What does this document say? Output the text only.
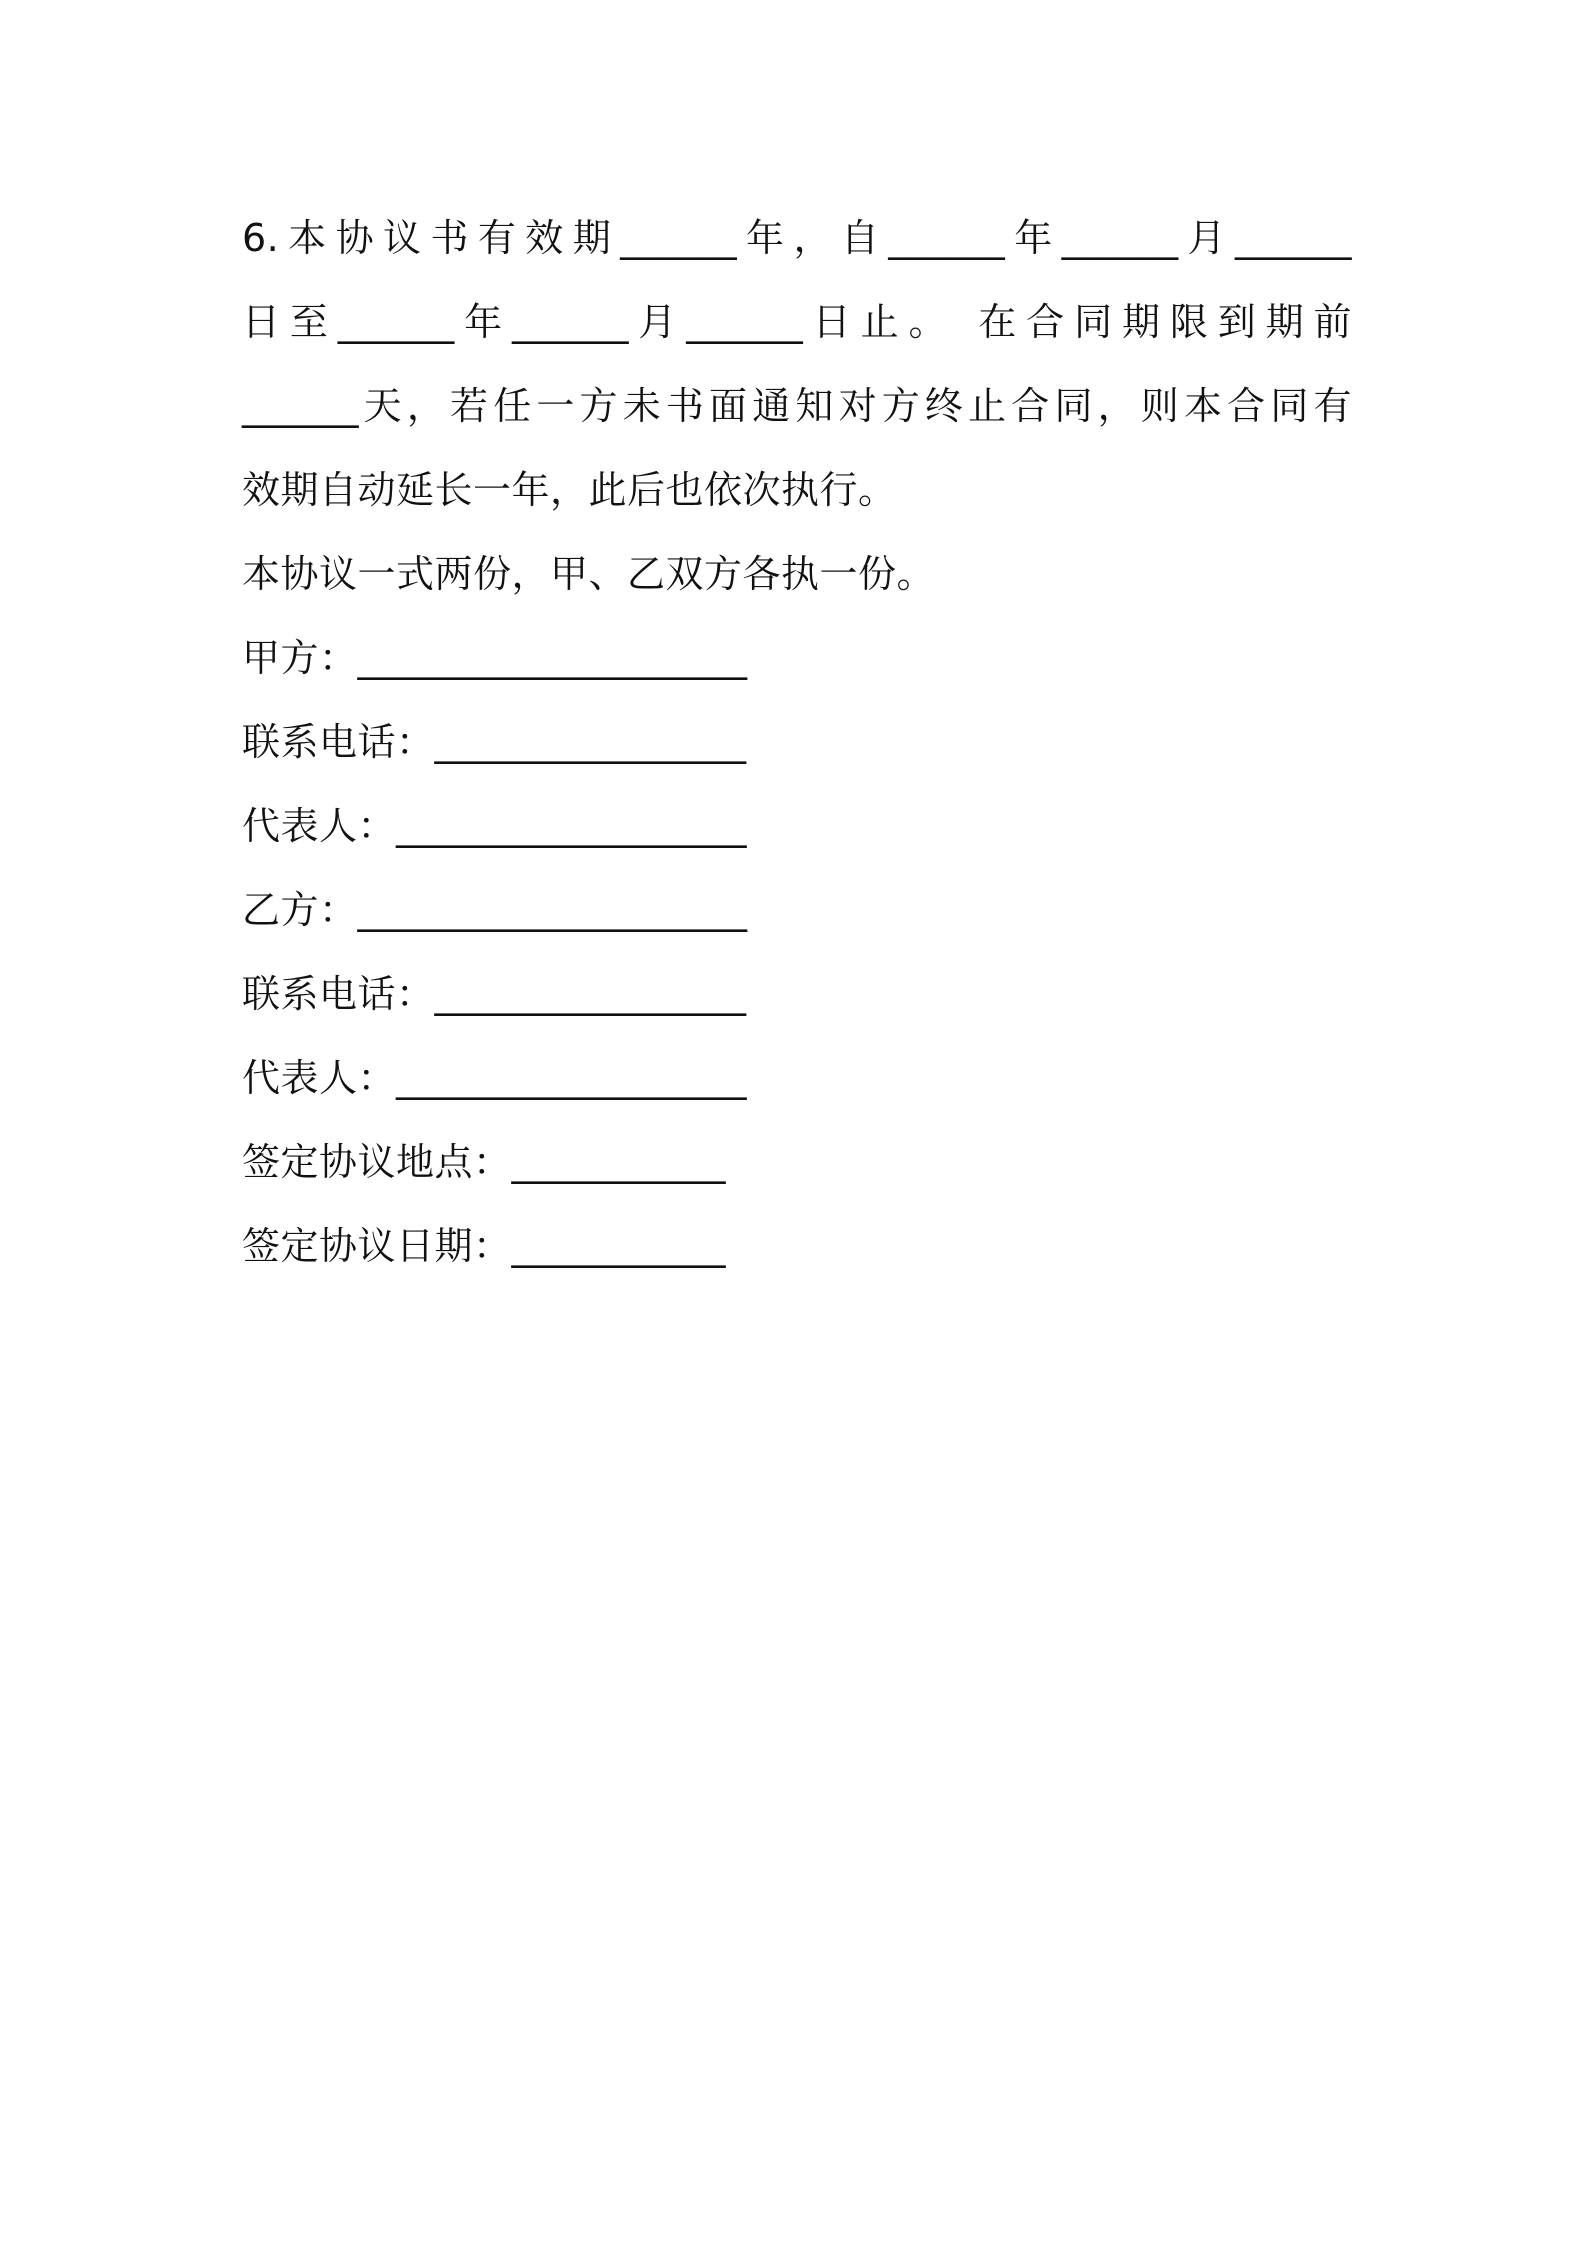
6.本协议书有效期______年，自______年______月______
日至______年______月______日止。 在合同期限到期前
______天，若任一方未书面通知对方终止合同，则本合同有
效期自动延长一年，此后也依次执行。
本协议一式两份，甲、乙双方各执一份。
甲方：____________________
联系电话：________________
代表人：__________________
乙方：____________________
联系电话：________________
代表人：__________________
签定协议地点：___________
签定协议日期：___________
